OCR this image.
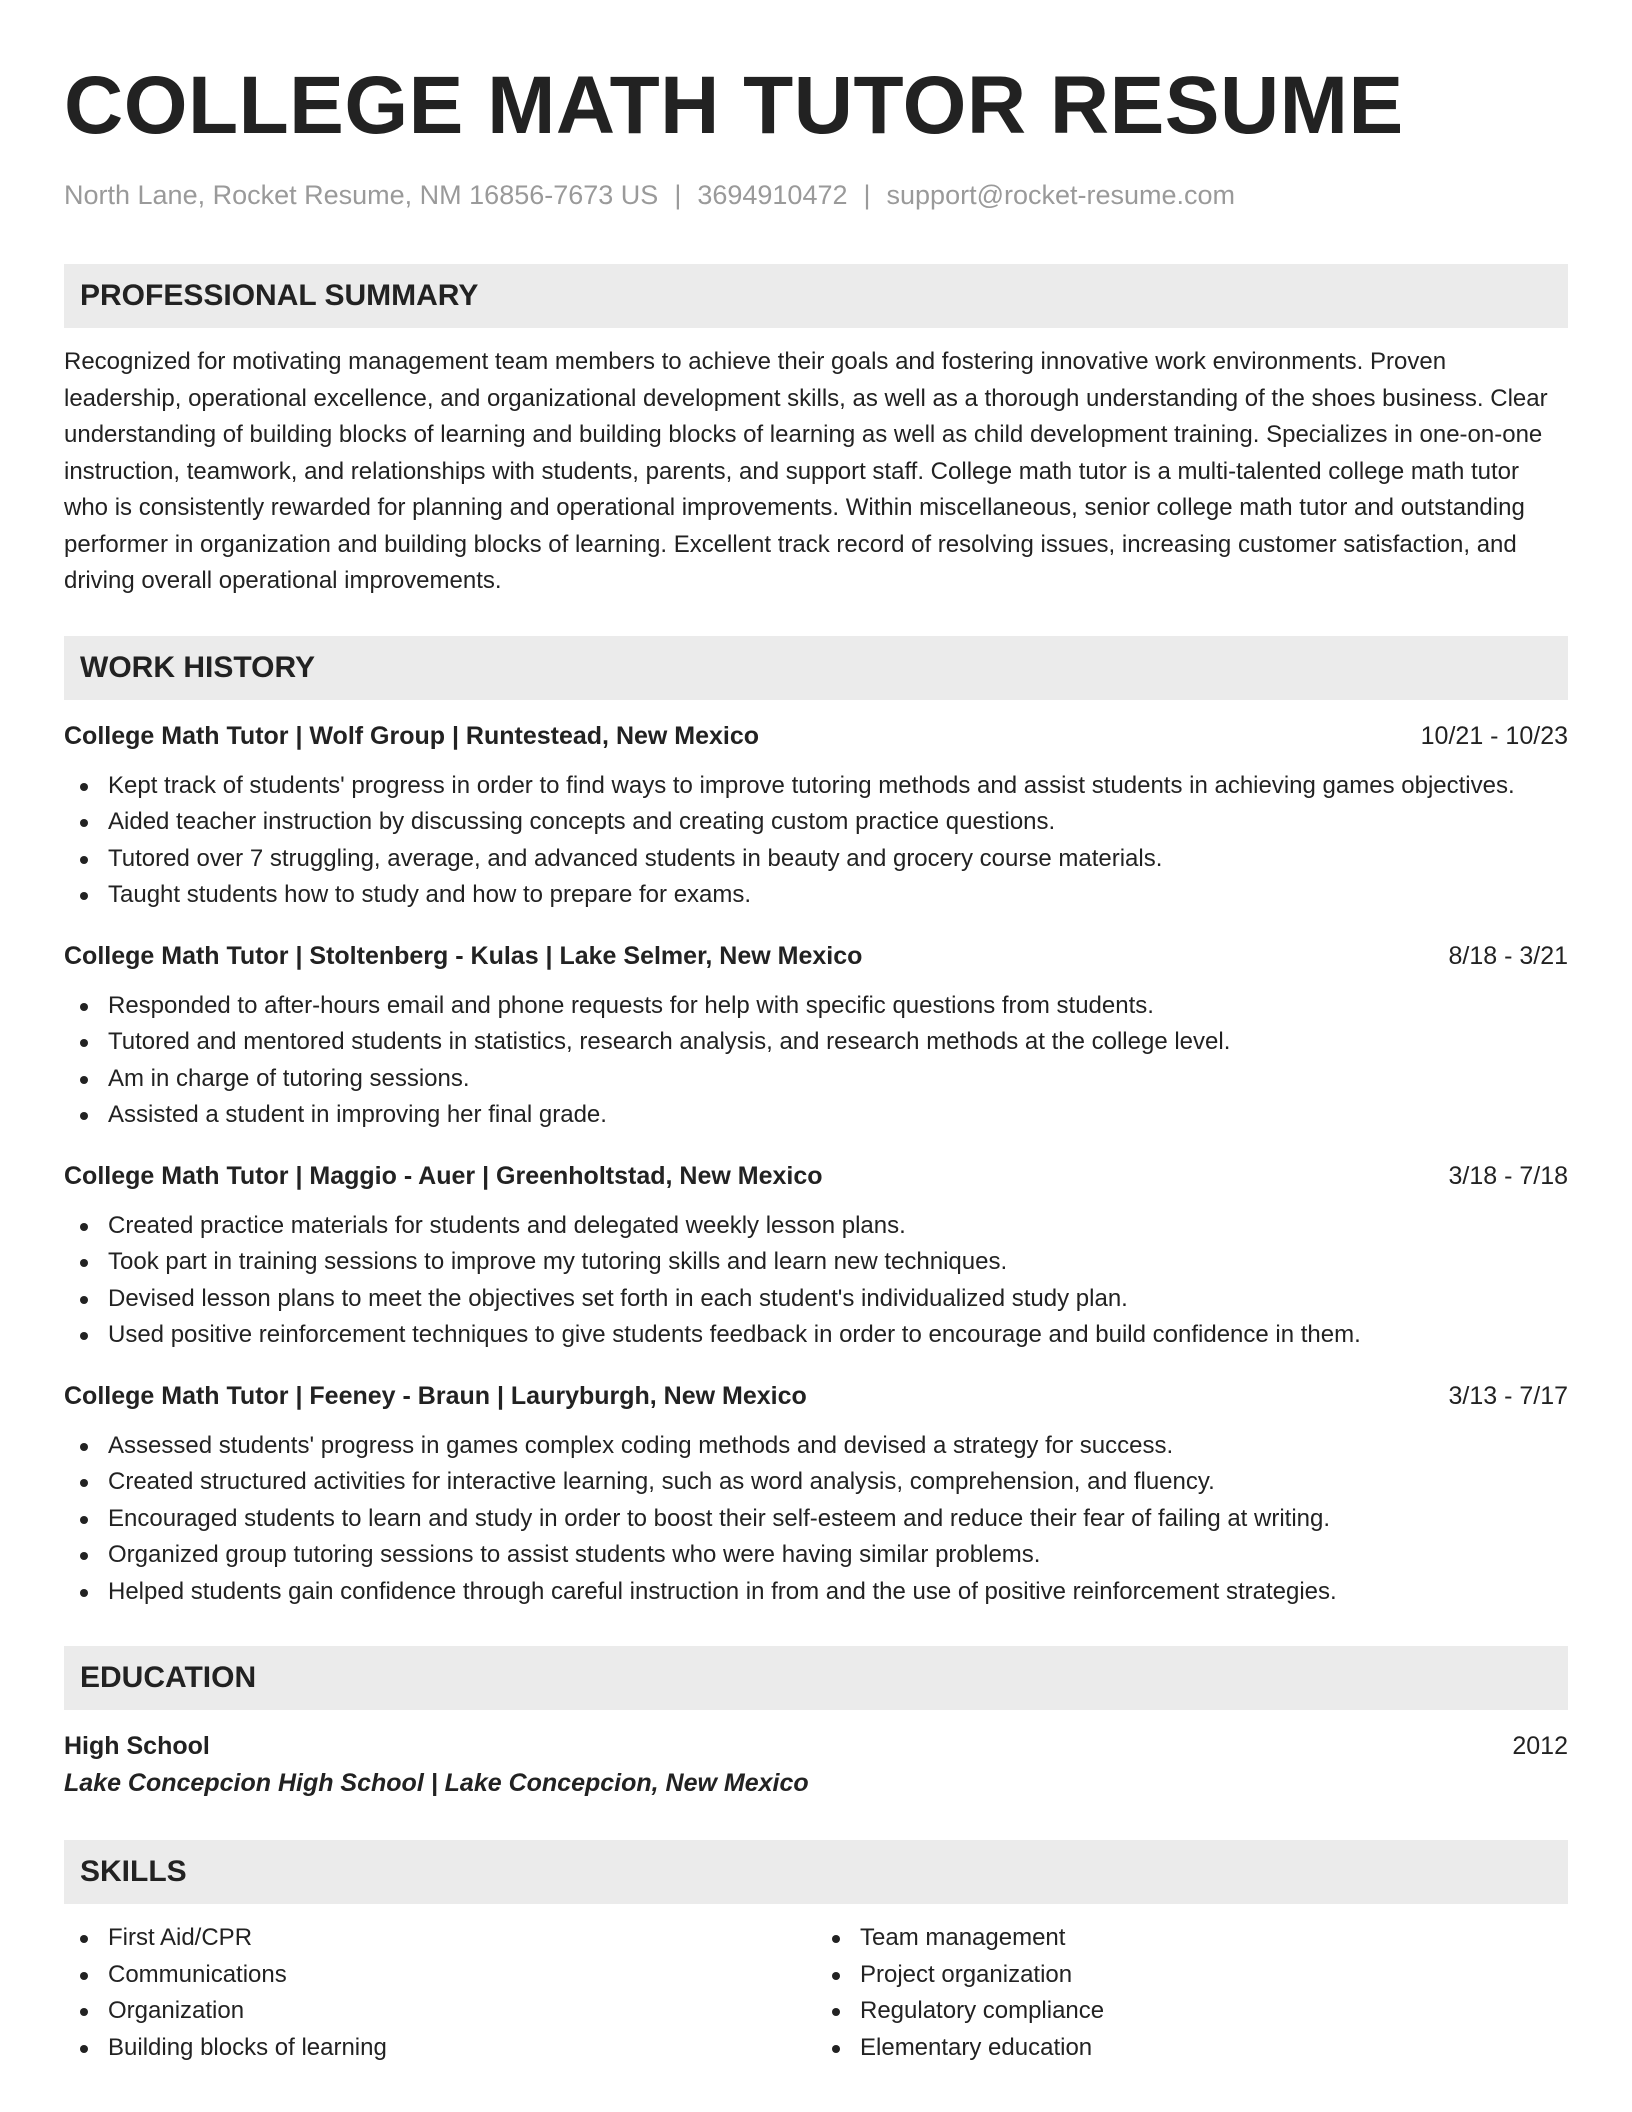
COLLEGE MATH TUTOR RESUME
North Lane, Rocket Resume, NM 16856-7673 US | 3694910472 | support@rocket-resume.com
PROFESSIONAL SUMMARY

Recognized for motivating management team members to achieve their goals and fostering innovative work environments. Proven leadership, operational excellence, and organizational development skills, as well as a thorough understanding of the shoes business. Clear understanding of building blocks of learning and building blocks of learning as well as child development training. Specializes in one-on-one instruction, teamwork, and relationships with students, parents, and support staff. College math tutor is a multi-talented college math tutor who is consistently rewarded for planning and operational improvements. Within miscellaneous, senior college math tutor and outstanding performer in organization and building blocks of learning. Excellent track record of resolving issues, increasing customer satisfaction, and driving overall operational improvements.

WORK HISTORY
College Math Tutor | Wolf Group | Runtestead, New Mexico	10/21 - 10/23
Kept track of students' progress in order to find ways to improve tutoring methods and assist students in achieving games objectives.
Aided teacher instruction by discussing concepts and creating custom practice questions.
Tutored over 7 struggling, average, and advanced students in beauty and grocery course materials.
Taught students how to study and how to prepare for exams.
College Math Tutor | Stoltenberg - Kulas | Lake Selmer, New Mexico	8/18 - 3/21
Responded to after-hours email and phone requests for help with specific questions from students.
Tutored and mentored students in statistics, research analysis, and research methods at the college level.
Am in charge of tutoring sessions.
Assisted a student in improving her final grade.
College Math Tutor | Maggio - Auer | Greenholtstad, New Mexico	3/18 - 7/18
Created practice materials for students and delegated weekly lesson plans.
Took part in training sessions to improve my tutoring skills and learn new techniques.
Devised lesson plans to meet the objectives set forth in each student's individualized study plan.
Used positive reinforcement techniques to give students feedback in order to encourage and build confidence in them.
College Math Tutor | Feeney - Braun | Lauryburgh, New Mexico	3/13 - 7/17
Assessed students' progress in games complex coding methods and devised a strategy for success.
Created structured activities for interactive learning, such as word analysis, comprehension, and fluency.
Encouraged students to learn and study in order to boost their self-esteem and reduce their fear of failing at writing.
Organized group tutoring sessions to assist students who were having similar problems.
Helped students gain confidence through careful instruction in from and the use of positive reinforcement strategies.
EDUCATION
High School	2012
Lake Concepcion High School | Lake Concepcion, New Mexico
SKILLS
First Aid/CPR
Communications
Organization
Building blocks of learning
Team management
Project organization
Regulatory compliance
Elementary education
